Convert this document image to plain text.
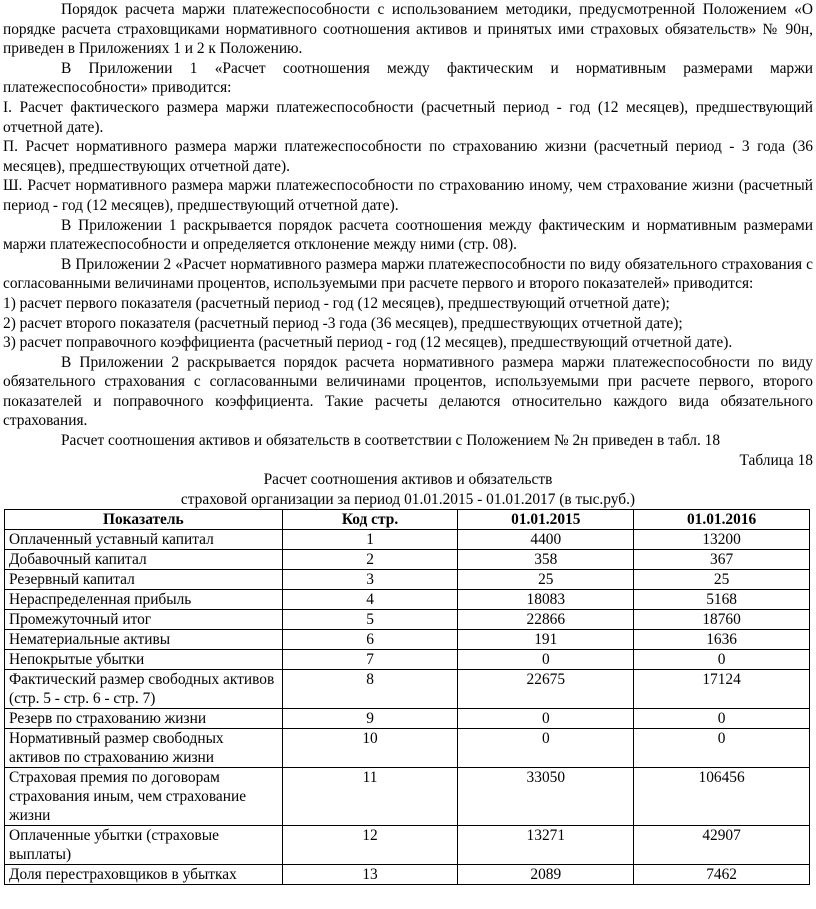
Порядок расчета маржи платежеспособности с использованием методики, предусмотренной Положением «О порядке расчета страховщиками нормативного соотношения активов и принятых ими страховых обязательств» № 90н, приведен в Приложениях 1 и 2 к Положению.

В Приложении 1 «Расчет соотношения между фактическим и нормативным размерами маржи платежеспособности» приводится:

I. Расчет фактического размера маржи платежеспособности (расчетный период - год (12 месяцев), предшествующий отчетной дате).

П. Расчет нормативного размера маржи платежеспособности по страхованию жизни (расчетный период - 3 года (36 месяцев), предшествующих отчетной дате).

Ш. Расчет нормативного размера маржи платежеспособности по страхованию иному, чем страхование жизни (расчетный период - год (12 месяцев), предшествующий отчетной дате).

В Приложении 1 раскрывается порядок расчета соотношения между фактическим и нормативным размерами маржи платежеспособности и определяется отклонение между ними (стр. 08).

В Приложении 2 «Расчет нормативного размера маржи платежеспособности по виду обязательного страхования с согласованными величинами процентов, используемыми при расчете первого и второго показателей» приводится:

1) расчет первого показателя (расчетный период - год (12 месяцев), предшествующий отчетной дате);

2) расчет второго показателя (расчетный период -3 года (36 месяцев), предшествующих отчетной дате);

3) расчет поправочного коэффициента (расчетный период - год (12 месяцев), предшествующий отчетной дате).

В Приложении 2 раскрывается порядок расчета нормативного размера маржи платежеспособности по виду обязательного страхования с согласованными величинами процентов, используемыми при расчете первого, второго показателей и поправочного коэффициента. Такие расчеты делаются относительно каждого вида обязательного страхования.

Расчет соотношения активов и обязательств в соответствии с Положением № 2н приведен в табл. 18

Таблица 18

Расчет соотношения активов и обязательств

страховой организации за период 01.01.2015 - 01.01.2017 (в тыс.руб.)

Показатель	Код стр.	01.01.2015	01.01.2016
Оплаченный уставный капитал	1	4400	13200
Добавочный капитал	2	358	367
Резервный капитал	3	25	25
Нераспределенная прибыль	4	18083	5168
Промежуточный итог	5	22866	18760
Нематериальные активы	6	191	1636
Непокрытые убытки	7	0	0
Фактический размер свободных активов (стр. 5 - стр. 6 - стр. 7)	8	22675	17124
Резерв по страхованию жизни	9	0	0
Нормативный размер свободных активов по страхованию жизни	10	0	0
Страховая премия по договорам страхования иным, чем страхование жизни	11	33050	106456
Оплаченные убытки (страховые выплаты)	12	13271	42907
Доля перестраховщиков в убытках	13	2089	7462
